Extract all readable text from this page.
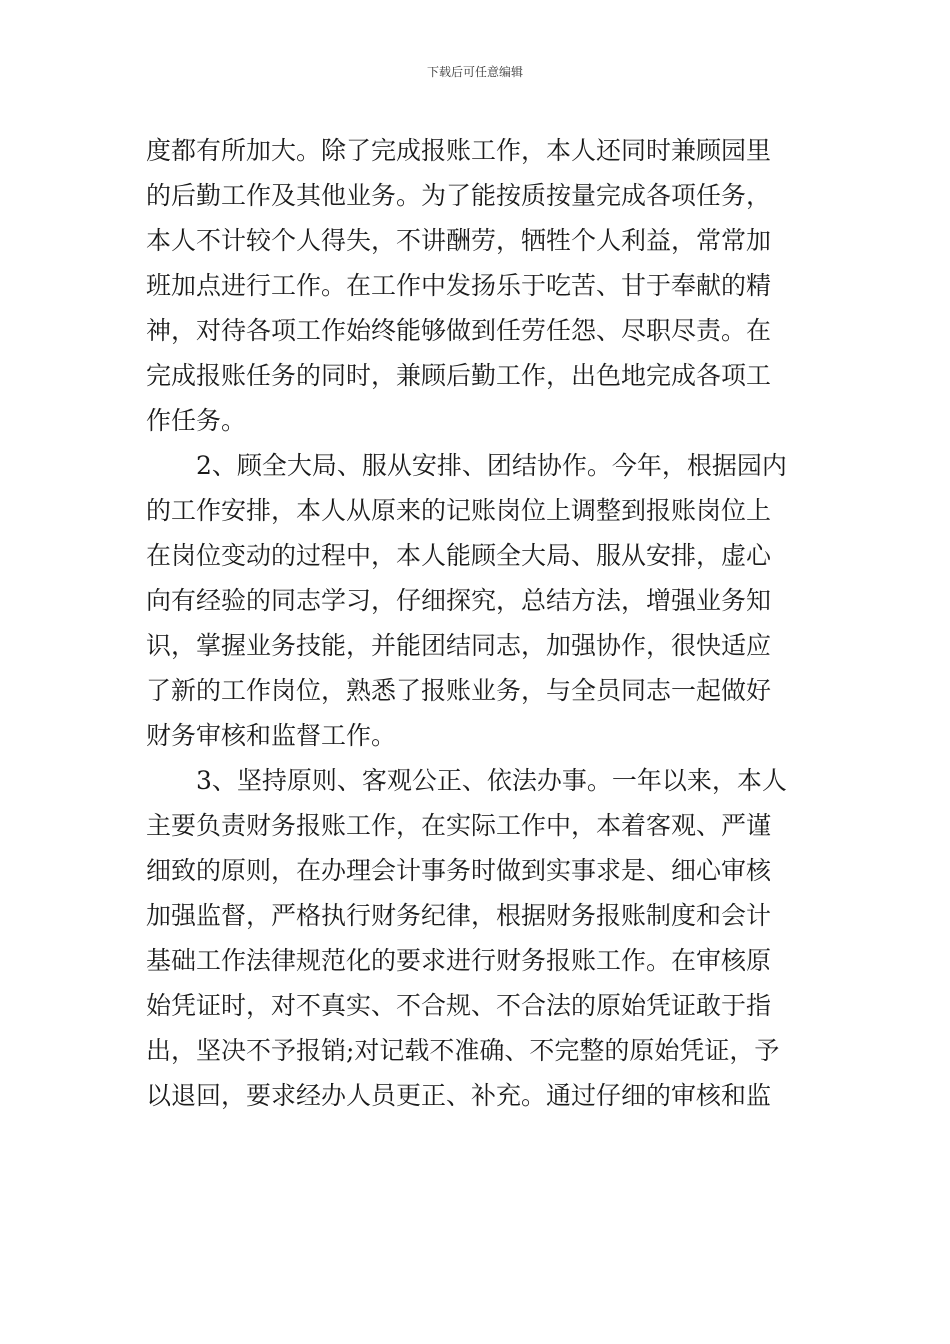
下载后可任意编辑
度都有所加大。除了完成报账工作，本人还同时兼顾园里
的后勤工作及其他业务。为了能按质按量完成各项任务，
本人不计较个人得失，不讲酬劳，牺牲个人利益，常常加
班加点进行工作。在工作中发扬乐于吃苦、甘于奉献的精
神，对待各项工作始终能够做到任劳任怨、尽职尽责。在
完成报账任务的同时，兼顾后勤工作，出色地完成各项工
作任务。
2、顾全大局、服从安排、团结协作。今年，根据园内
的工作安排，本人从原来的记账岗位上调整到报账岗位上
在岗位变动的过程中，本人能顾全大局、服从安排，虚心
向有经验的同志学习，仔细探究，总结方法，增强业务知
识，掌握业务技能，并能团结同志，加强协作，很快适应
了新的工作岗位，熟悉了报账业务，与全员同志一起做好
财务审核和监督工作。
3、坚持原则、客观公正、依法办事。一年以来，本人
主要负责财务报账工作，在实际工作中，本着客观、严谨
细致的原则，在办理会计事务时做到实事求是、细心审核
加强监督，严格执行财务纪律，根据财务报账制度和会计
基础工作法律规范化的要求进行财务报账工作。在审核原
始凭证时，对不真实、不合规、不合法的原始凭证敢于指
出，坚决不予报销;对记载不准确、不完整的原始凭证，予
以退回，要求经办人员更正、补充。通过仔细的审核和监
